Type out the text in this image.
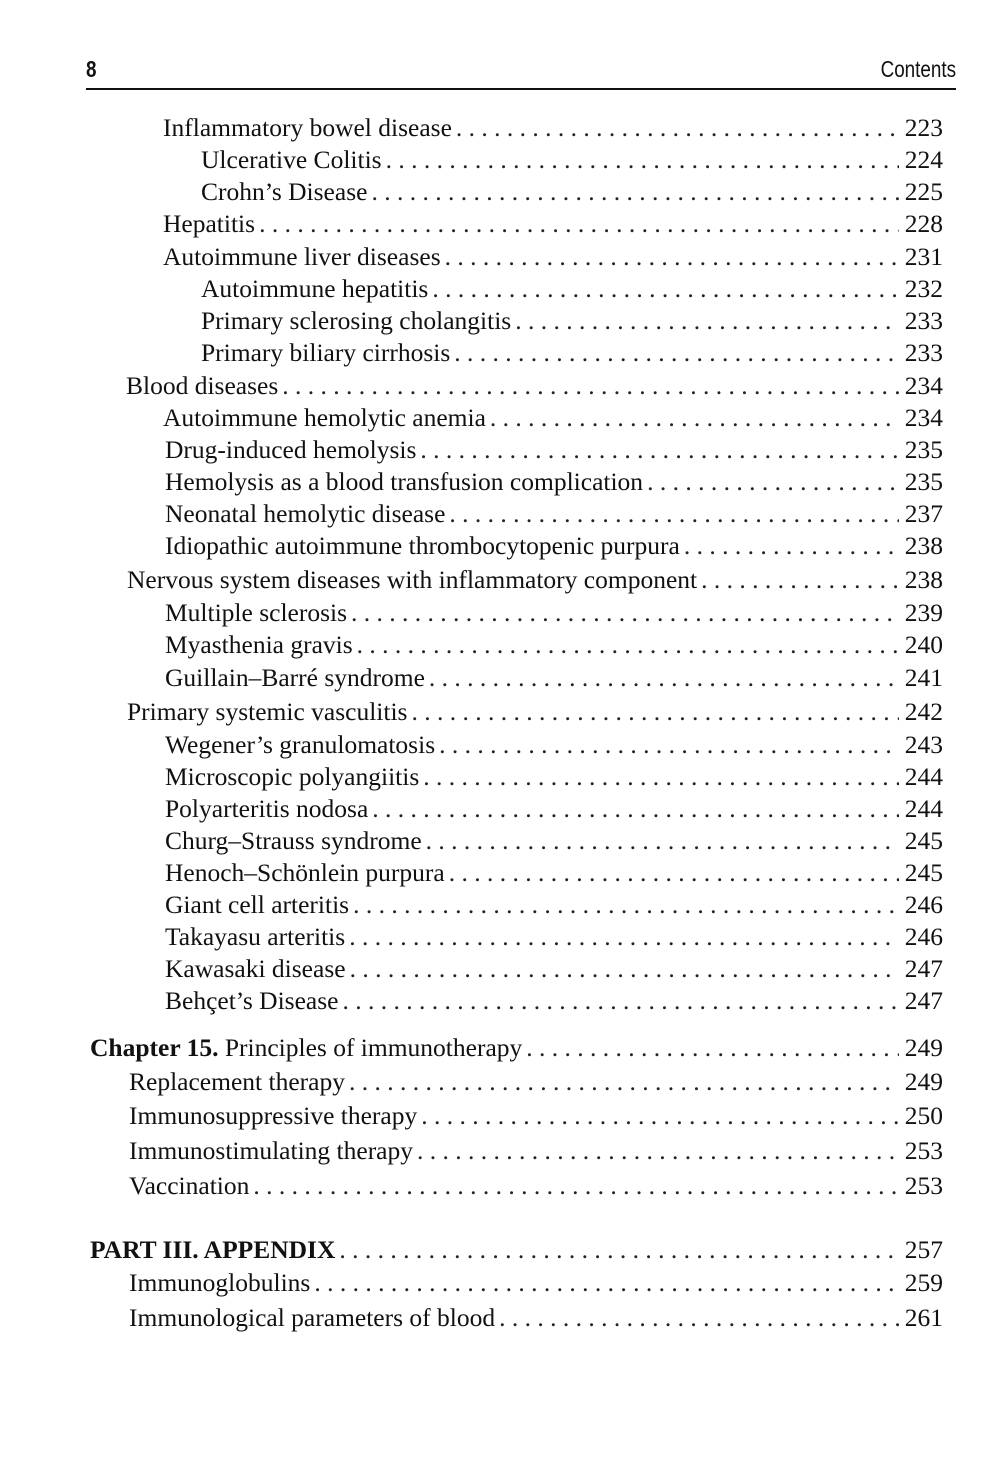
8	Contents
Inflammatory bowel disease . . .	223
Ulcerative Colitis . . .	224
Crohn’s Disease . . .	225
Hepatitis . . .	228
Autoimmune liver diseases . . .	231
Autoimmune hepatitis . . .	232
Primary sclerosing cholangitis . . .	233
Primary biliary cirrhosis . . .	233
Blood diseases . . .	234
Autoimmune hemolytic anemia . . .	234
Drug-induced hemolysis . . .	235
Hemolysis as a blood transfusion complication . . .	235
Neonatal hemolytic disease . . .	237
Idiopathic autoimmune thrombocytopenic purpura . . .	238
Nervous system diseases with inflammatory component . . .	238
Multiple sclerosis . . .	239
Myasthenia gravis . . .	240
Guillain–Barré syndrome . . .	241
Primary systemic vasculitis . . .	242
Wegener’s granulomatosis . . .	243
Microscopic polyangiitis . . .	244
Polyarteritis nodosa . . .	244
Churg–Strauss syndrome . . .	245
Henoch–Schönlein purpura . . .	245
Giant cell arteritis . . .	246
Takayasu arteritis . . .	246
Kawasaki disease . . .	247
Behçet’s Disease . . .	247
Chapter 15. Principles of immunotherapy . . .	249
Replacement therapy . . .	249
Immunosuppressive therapy . . .	250
Immunostimulating therapy . . .	253
Vaccination . . .	253
PART III. APPENDIX . . .	257
Immunoglobulins . . .	259
Immunological parameters of blood . . .	261
